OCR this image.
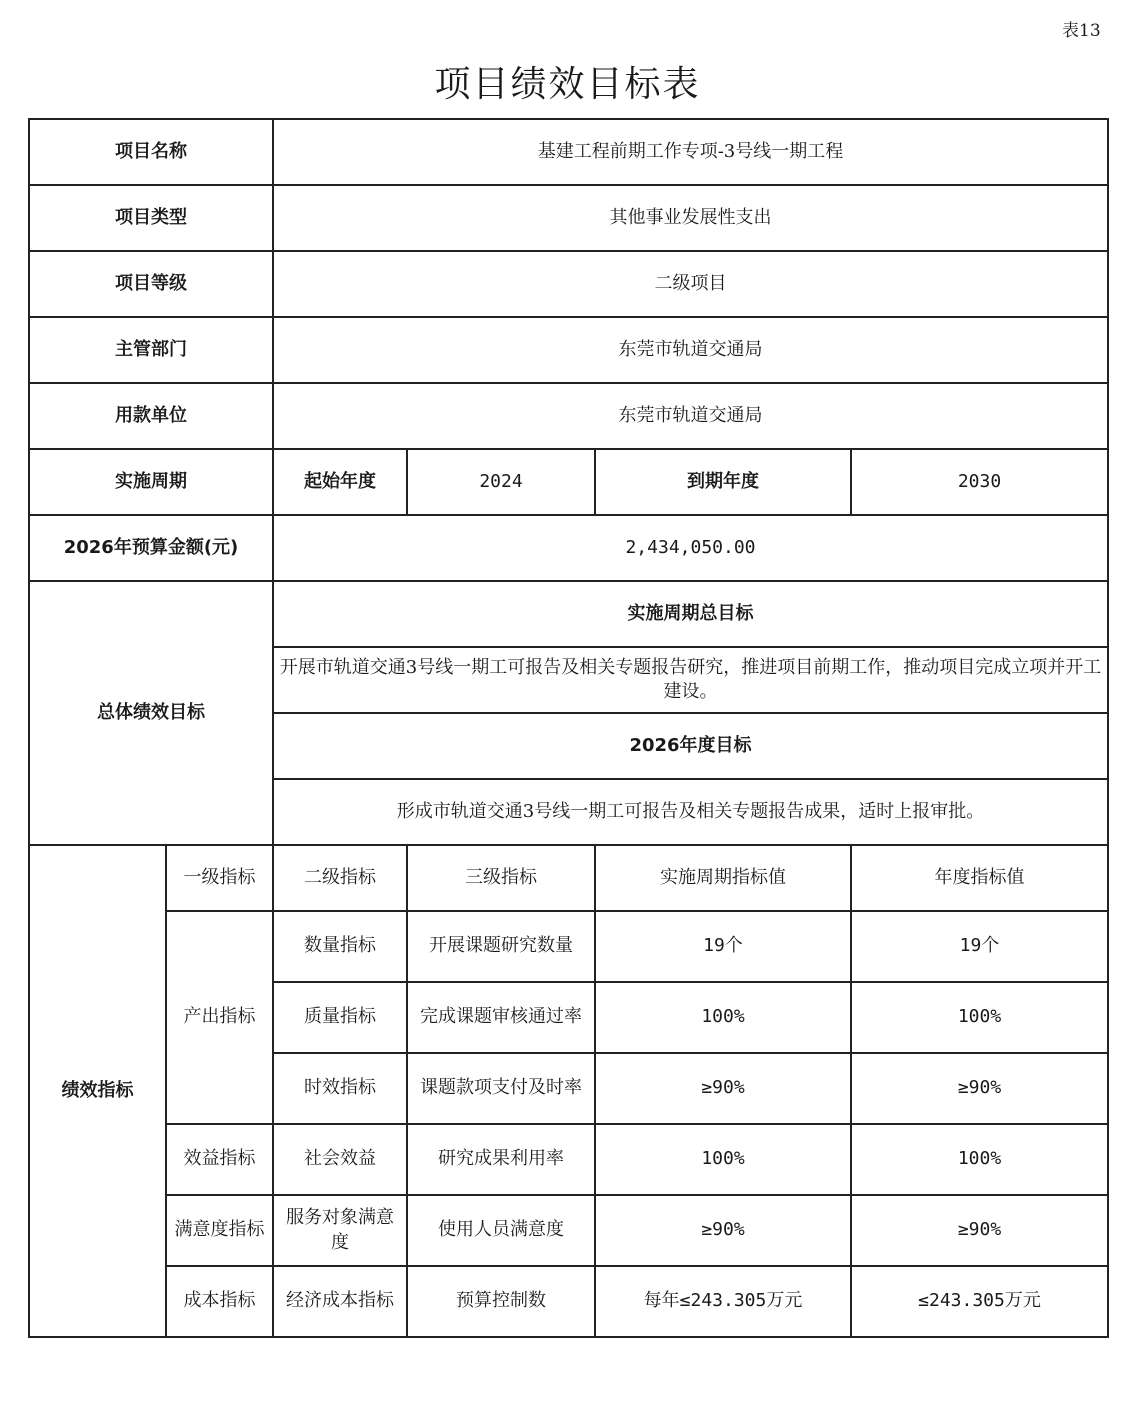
表13
项目绩效目标表
项目名称		基建工程前期工作专项-3号线一期工程			
项目类型		其他事业发展性支出			
项目等级		二级项目			
主管部门		东莞市轨道交通局			
用款单位		东莞市轨道交通局			
实施周期		起始年度	2024	到期年度	2030
2026年预算金额(元)		2,434,050.00			
总体绩效目标		实施周期总目标			
		开展市轨道交通3号线一期工可报告及相关专题报告研究，推进项目前期工作，推动项目完成立项并开工建设。			
		2026年度目标			
		形成市轨道交通3号线一期工可报告及相关专题报告成果，适时上报审批。			
绩效指标	一级指标	二级指标	三级指标	实施周期指标值	年度指标值
	产出指标	数量指标	开展课题研究数量	19个	19个
		质量指标	完成课题审核通过率	100%	100%
		时效指标	课题款项支付及时率	≥90%	≥90%
	效益指标	社会效益	研究成果利用率	100%	100%
	满意度指标	服务对象满意度	使用人员满意度	≥90%	≥90%
	成本指标	经济成本指标	预算控制数	每年≤243.305万元	≤243.305万元
